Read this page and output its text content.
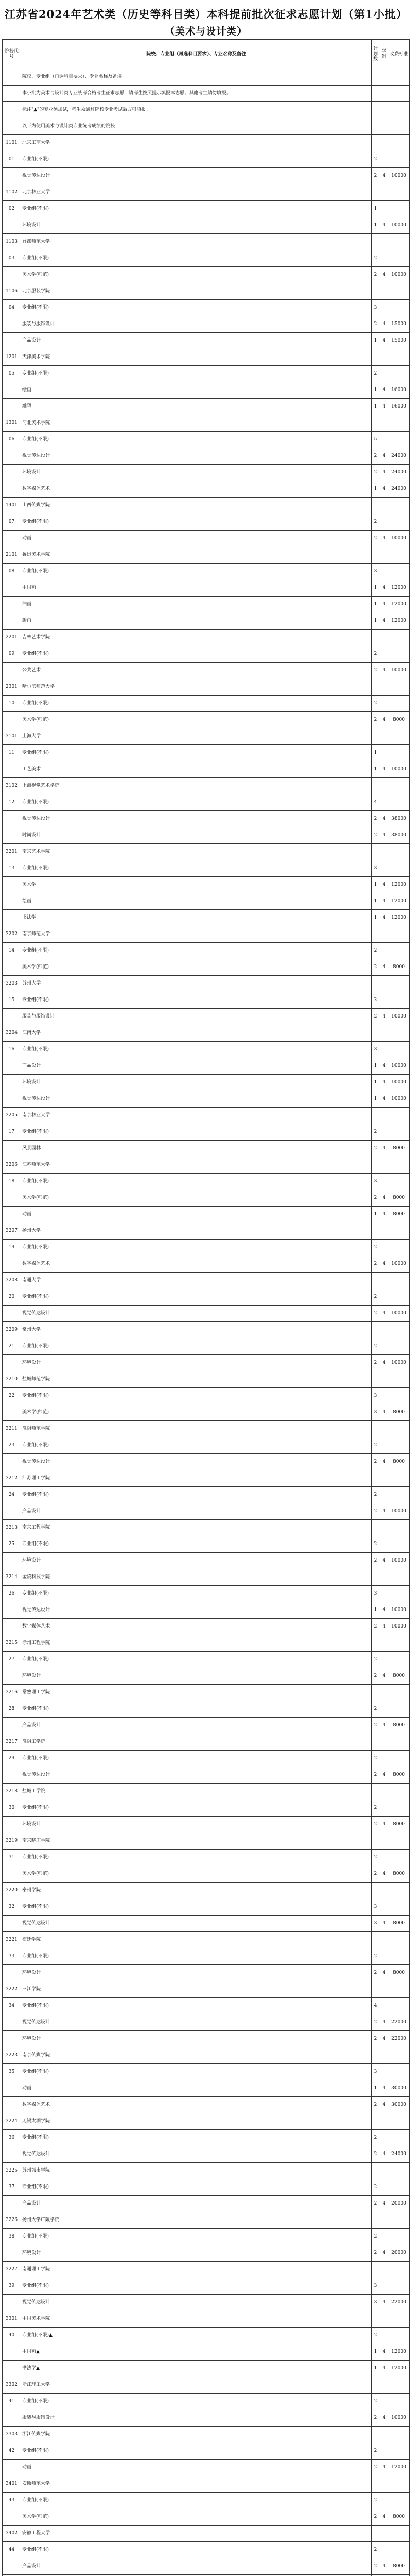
江苏省2024年艺术类（历史等科目类）本科提前批次征求志愿计划（第1小批）
（美术与设计类）
院校代号	院校、专业组（再选科目要求）、专业名称及备注	计划数	学制	收费标准
	院校、专业组（再选科目要求）、专业名称及备注			
	本小批为美术与设计类专业统考合格考生征求志愿，请考生按照提示填报本志愿；其他考生请勿填报。			
	标注"▲"的专业须加试，考生须通过院校专业考试后方可填报。			
	以下为使用美术与设计类专业统考成绩的院校			
1101	北京工商大学			
01	专业组(不限)	2		
	视觉传达设计	2	4	10000
1102	北京林业大学			
02	专业组(不限)	1		
	环境设计	1	4	10000
1103	首都师范大学			
03	专业组(不限)	2		
	美术学(师范)	2	4	10000
1106	北京服装学院			
04	专业组(不限)	3		
	服装与服饰设计	2	4	15000
	产品设计	1	4	15000
1201	天津美术学院			
05	专业组(不限)	2		
	绘画	1	4	16000
	雕塑	1	4	16000
1301	河北美术学院			
06	专业组(不限)	5		
	视觉传达设计	2	4	24000
	环境设计	2	4	24000
	数字媒体艺术	1	4	24000
1401	山西传媒学院			
07	专业组(不限)	2		
	动画	2	4	10000
2101	鲁迅美术学院			
08	专业组(不限)	3		
	中国画	1	4	12000
	油画	1	4	12000
	版画	1	4	12000
2201	吉林艺术学院			
09	专业组(不限)	2		
	公共艺术	2	4	10000
2301	哈尔滨师范大学			
10	专业组(不限)	2		
	美术学(师范)	2	4	8000
3101	上海大学			
11	专业组(不限)	1		
	工艺美术	1	4	10000
3102	上海视觉艺术学院			
12	专业组(不限)	4		
	视觉传达设计	2	4	38000
	时尚设计	2	4	38000
3201	南京艺术学院			
13	专业组(不限)	3		
	美术学	1	4	12000
	绘画	1	4	12000
	书法学	1	4	12000
3202	南京师范大学			
14	专业组(不限)	2		
	美术学(师范)	2	4	8000
3203	苏州大学			
15	专业组(不限)	2		
	服装与服饰设计	2	4	10000
3204	江南大学			
16	专业组(不限)	3		
	产品设计	1	4	10000
	环境设计	1	4	10000
	视觉传达设计	1	4	10000
3205	南京林业大学			
17	专业组(不限)	2		
	风景园林	2	4	8000
3206	江苏师范大学			
18	专业组(不限)	3		
	美术学(师范)	2	4	8000
	动画	1	4	8000
3207	扬州大学			
19	专业组(不限)	2		
	数字媒体艺术	2	4	10000
3208	南通大学			
20	专业组(不限)	2		
	视觉传达设计	2	4	10000
3209	常州大学			
21	专业组(不限)	2		
	环境设计	2	4	10000
3210	盐城师范学院			
22	专业组(不限)	3		
	美术学(师范)	3	4	8000
3211	淮阴师范学院			
23	专业组(不限)	2		
	视觉传达设计	2	4	8000
3212	江苏理工学院			
24	专业组(不限)	2		
	产品设计	2	4	10000
3213	南京工程学院			
25	专业组(不限)	2		
	环境设计	2	4	10000
3214	金陵科技学院			
26	专业组(不限)	3		
	视觉传达设计	1	4	10000
	数字媒体艺术	2	4	10000
3215	徐州工程学院			
27	专业组(不限)	2		
	环境设计	2	4	8000
3216	常熟理工学院			
28	专业组(不限)	2		
	产品设计	2	4	8000
3217	淮阴工学院			
29	专业组(不限)	2		
	视觉传达设计	2	4	8000
3218	盐城工学院			
30	专业组(不限)	2		
	环境设计	2	4	8000
3219	南京晓庄学院			
31	专业组(不限)	2		
	美术学(师范)	2	4	8000
3220	泰州学院			
32	专业组(不限)	3		
	视觉传达设计	3	4	8000
3221	宿迁学院			
33	专业组(不限)	2		
	环境设计	2	4	8000
3222	三江学院			
34	专业组(不限)	4		
	视觉传达设计	2	4	22000
	环境设计	2	4	22000
3223	南京传媒学院			
35	专业组(不限)	3		
	动画	1	4	30000
	数字媒体艺术	2	4	30000
3224	无锡太湖学院			
36	专业组(不限)	2		
	视觉传达设计	2	4	24000
3225	苏州城市学院			
37	专业组(不限)	2		
	产品设计	2	4	20000
3226	扬州大学广陵学院			
38	专业组(不限)	2		
	环境设计	2	4	20000
3227	南通理工学院			
39	专业组(不限)	3		
	视觉传达设计	3	4	22000
3301	中国美术学院			
40	专业组(不限)▲	2		
	中国画▲	1	4	12000
	书法学▲	1	4	12000
3302	浙江理工大学			
41	专业组(不限)	2		
	服装与服饰设计	2	4	10000
3303	浙江传媒学院			
42	专业组(不限)	2		
	动画	2	4	12000
3401	安徽师范大学			
43	专业组(不限)	2		
	美术学(师范)	2	4	8000
3402	安徽工程大学			
44	专业组(不限)	2		
	产品设计	2	4	8000
